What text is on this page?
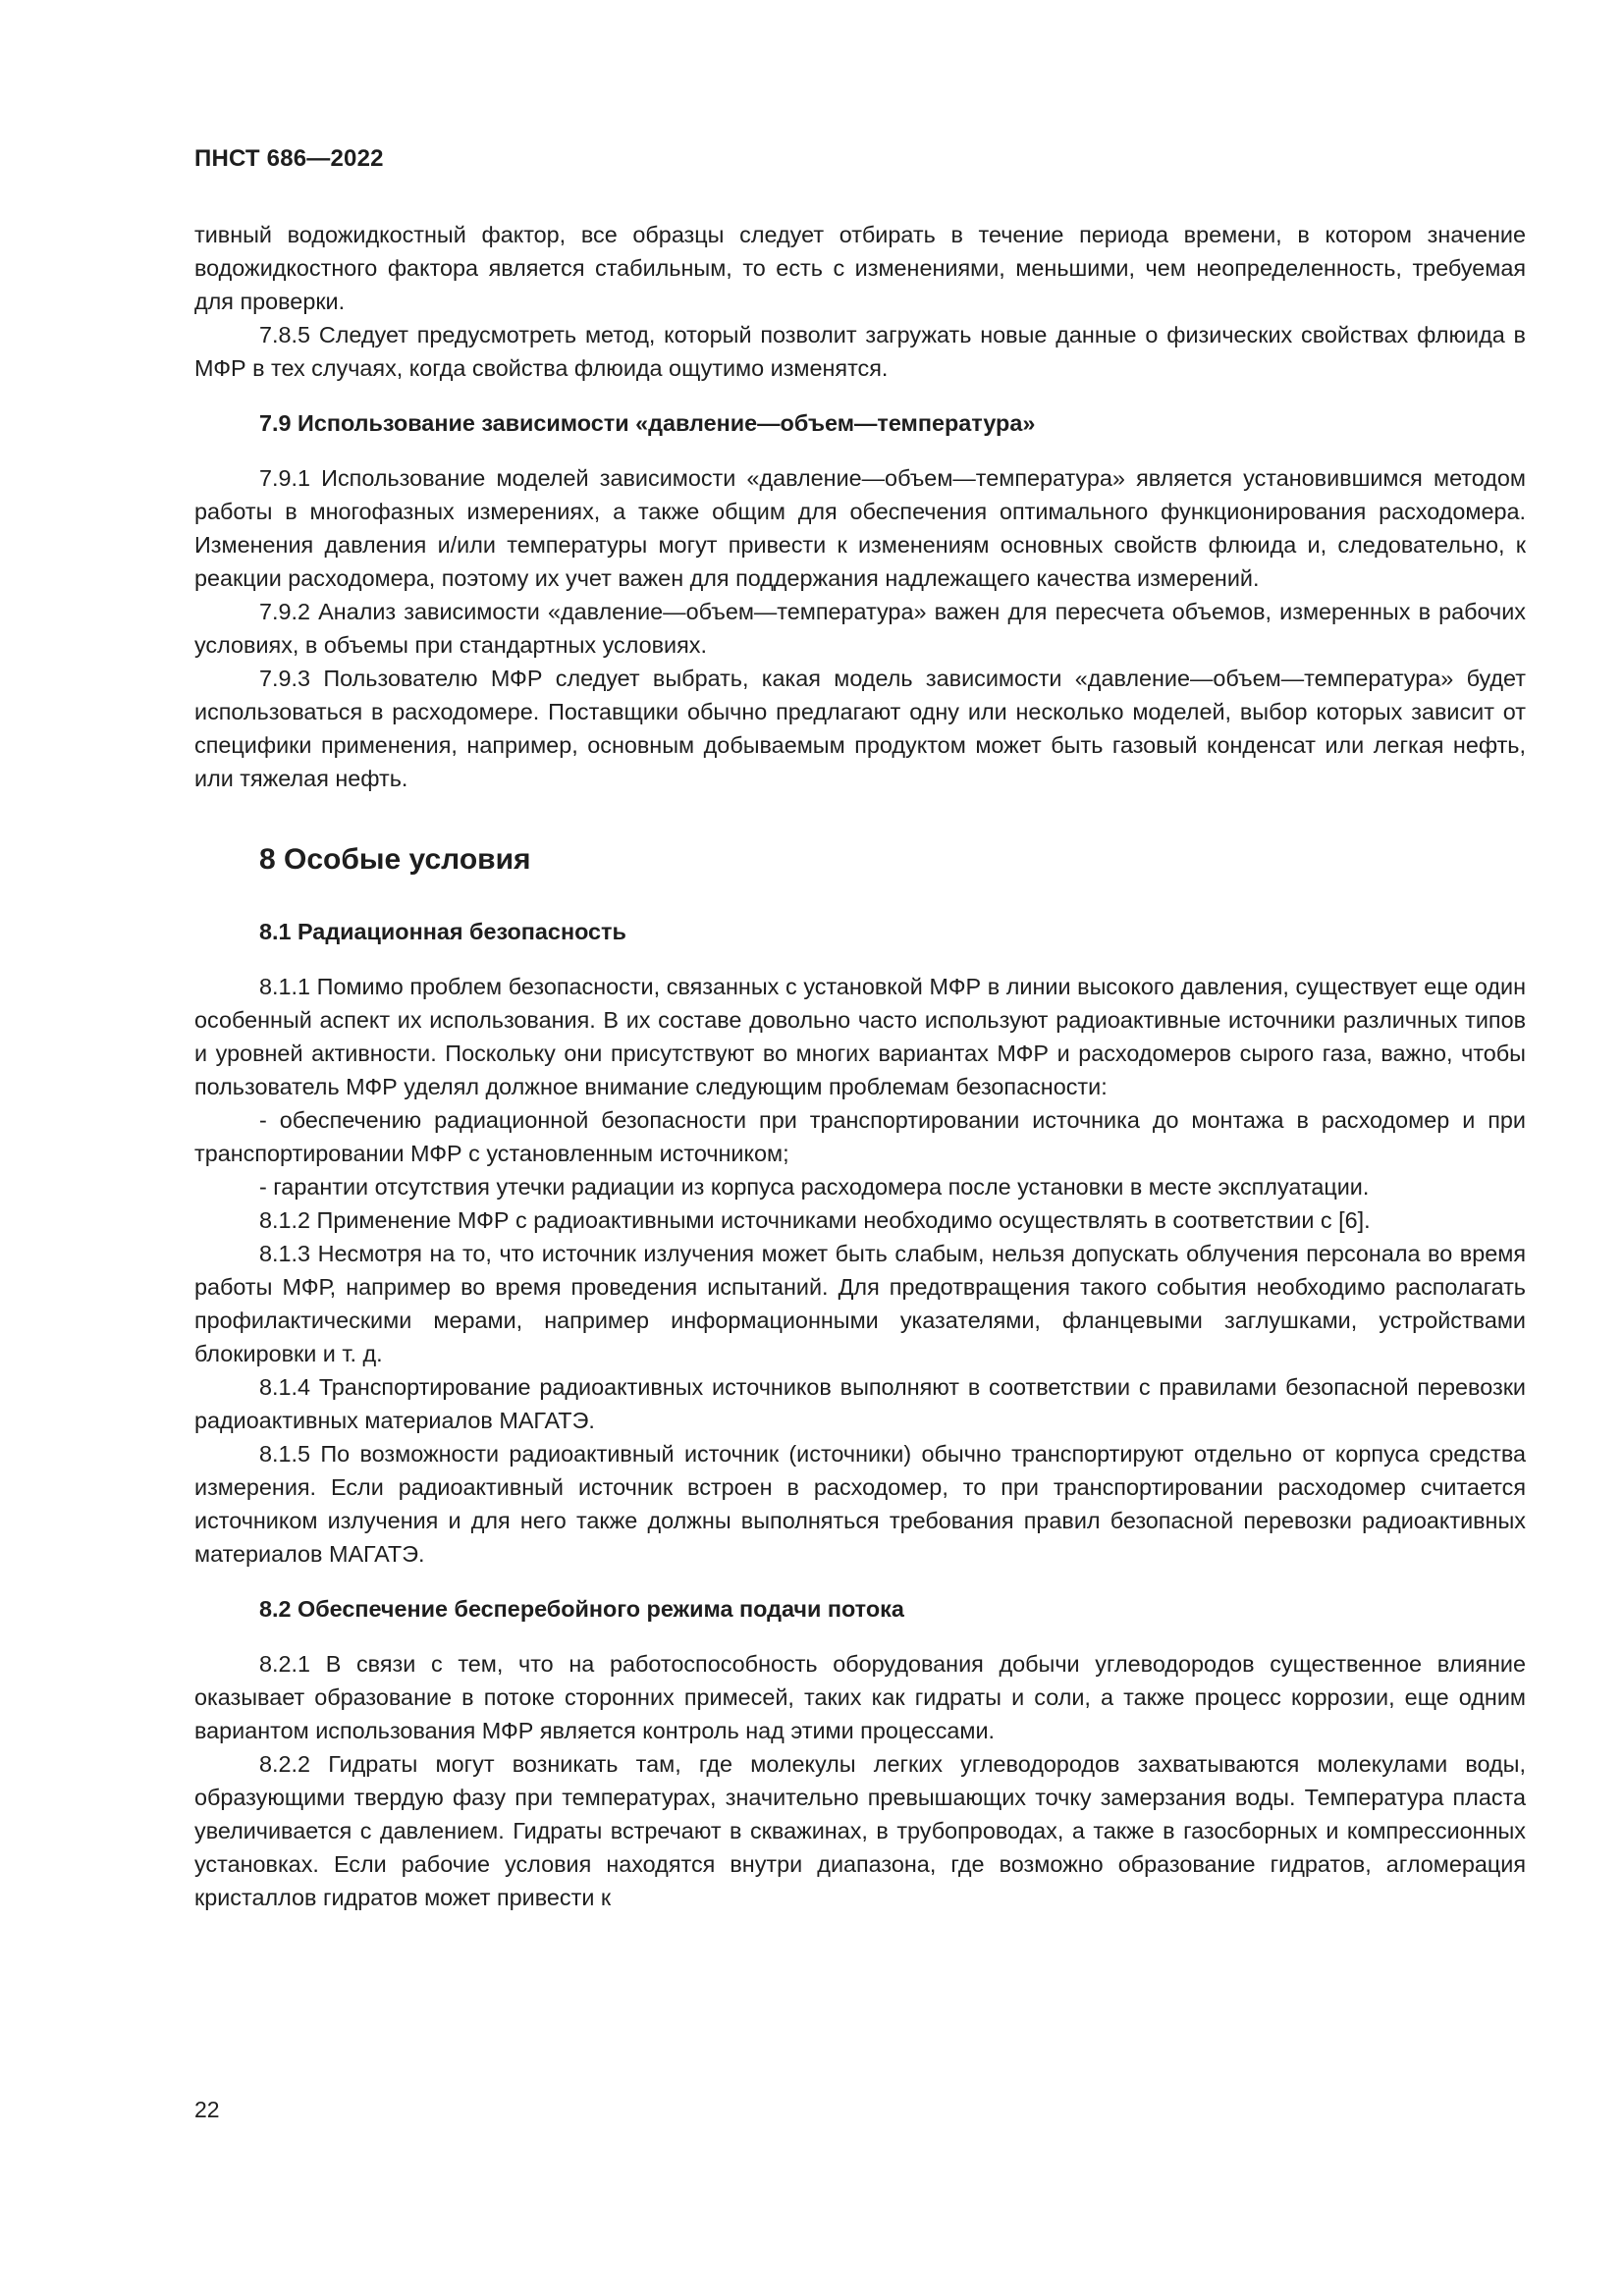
ПНСТ 686—2022

тивный водожидкостный фактор, все образцы следует отбирать в течение периода времени, в котором значение водожидкостного фактора является стабильным, то есть с изменениями, меньшими, чем неопределенность, требуемая для проверки.

7.8.5 Следует предусмотреть метод, который позволит загружать новые данные о физических свойствах флюида в МФР в тех случаях, когда свойства флюида ощутимо изменятся.

7.9 Использование зависимости «давление—объем—температура»

7.9.1 Использование моделей зависимости «давление—объем—температура» является установившимся методом работы в многофазных измерениях, а также общим для обеспечения оптимального функционирования расходомера. Изменения давления и/или температуры могут привести к изменениям основных свойств флюида и, следовательно, к реакции расходомера, поэтому их учет важен для поддержания надлежащего качества измерений.

7.9.2 Анализ зависимости «давление—объем—температура» важен для пересчета объемов, измеренных в рабочих условиях, в объемы при стандартных условиях.

7.9.3 Пользователю МФР следует выбрать, какая модель зависимости «давление—объем—температура» будет использоваться в расходомере. Поставщики обычно предлагают одну или несколько моделей, выбор которых зависит от специфики применения, например, основным добываемым продуктом может быть газовый конденсат или легкая нефть, или тяжелая нефть.

8 Особые условия
8.1 Радиационная безопасность

8.1.1 Помимо проблем безопасности, связанных с установкой МФР в линии высокого давления, существует еще один особенный аспект их использования. В их составе довольно часто используют радиоактивные источники различных типов и уровней активности. Поскольку они присутствуют во многих вариантах МФР и расходомеров сырого газа, важно, чтобы пользователь МФР уделял должное внимание следующим проблемам безопасности:

- обеспечению радиационной безопасности при транспортировании источника до монтажа в расходомер и при транспортировании МФР с установленным источником;

- гарантии отсутствия утечки радиации из корпуса расходомера после установки в месте эксплуатации.

8.1.2 Применение МФР с радиоактивными источниками необходимо осуществлять в соответствии с [6].

8.1.3 Несмотря на то, что источник излучения может быть слабым, нельзя допускать облучения персонала во время работы МФР, например во время проведения испытаний. Для предотвращения такого события необходимо располагать профилактическими мерами, например информационными указателями, фланцевыми заглушками, устройствами блокировки и т. д.

8.1.4 Транспортирование радиоактивных источников выполняют в соответствии с правилами безопасной перевозки радиоактивных материалов МАГАТЭ.

8.1.5 По возможности радиоактивный источник (источники) обычно транспортируют отдельно от корпуса средства измерения. Если радиоактивный источник встроен в расходомер, то при транспортировании расходомер считается источником излучения и для него также должны выполняться требования правил безопасной перевозки радиоактивных материалов МАГАТЭ.

8.2 Обеспечение бесперебойного режима подачи потока

8.2.1 В связи с тем, что на работоспособность оборудования добычи углеводородов существенное влияние оказывает образование в потоке сторонних примесей, таких как гидраты и соли, а также процесс коррозии, еще одним вариантом использования МФР является контроль над этими процессами.

8.2.2 Гидраты могут возникать там, где молекулы легких углеводородов захватываются молекулами воды, образующими твердую фазу при температурах, значительно превышающих точку замерзания воды. Температура пласта увеличивается с давлением. Гидраты встречают в скважинах, в трубопроводах, а также в газосборных и компрессионных установках. Если рабочие условия находятся внутри диапазона, где возможно образование гидратов, агломерация кристаллов гидратов может привести к

22
